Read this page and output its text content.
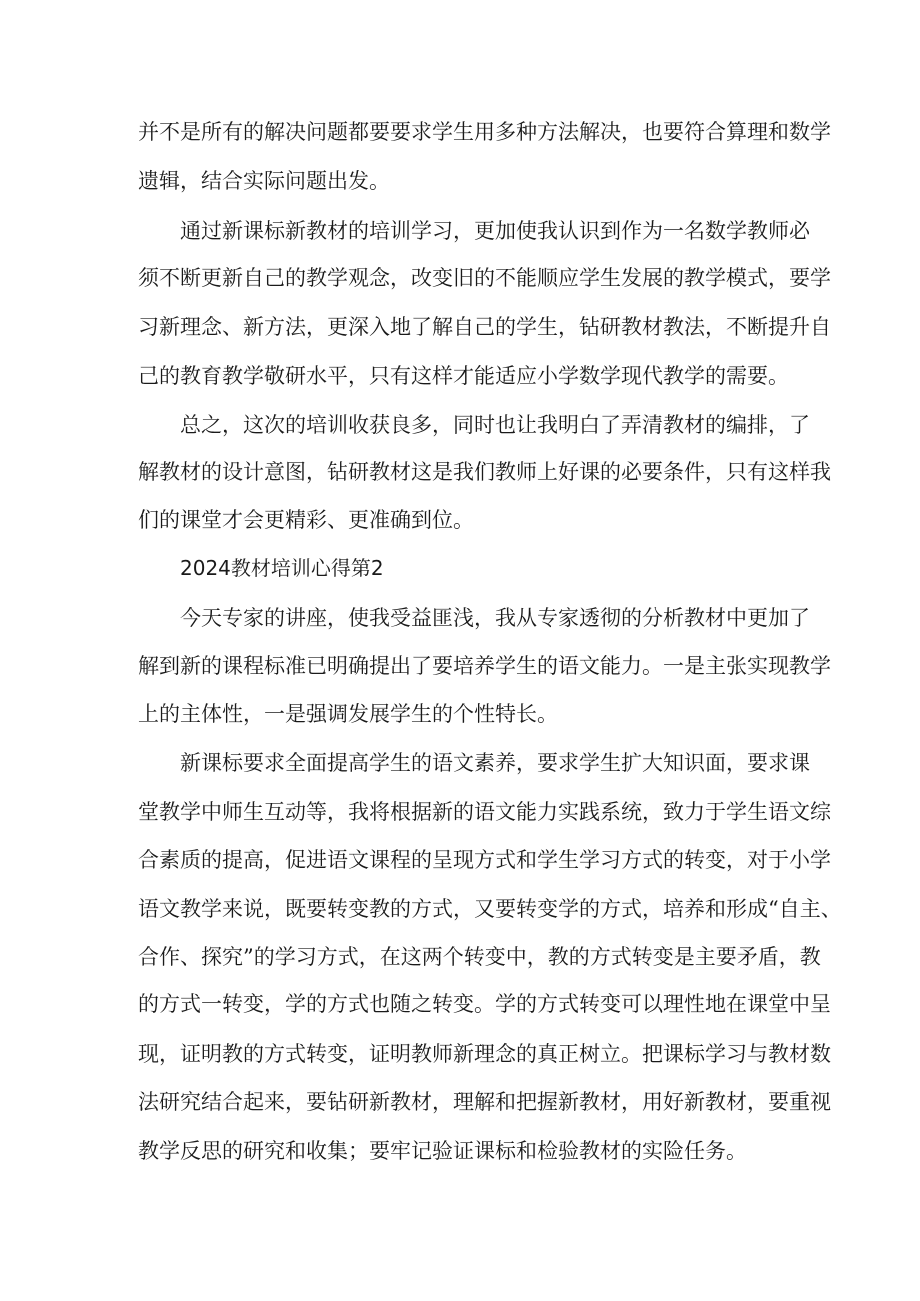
并不是所有的解决问题都要要求学生用多种方法解决，也要符合算理和数学
遗辑，结合实际问题出发。
通过新课标新教材的培训学习，更加使我认识到作为一名数学教师必
须不断更新自己的教学观念，改变旧的不能顺应学生发展的教学模式，要学
习新理念、新方法，更深入地了解自己的学生，钻研教材教法，不断提升自
己的教育教学敬研水平，只有这样才能适应小学数学现代教学的需要。
总之，这次的培训收获良多，同时也让我明白了弄清教材的编排，了
解教材的设计意图，钻研教材这是我们教师上好课的必要条件，只有这样我
们的课堂才会更精彩、更准确到位。
2024教材培训心得第2
今天专家的讲座，使我受益匪浅，我从专家透彻的分析教材中更加了
解到新的课程标准已明确提出了要培养学生的语文能力。一是主张实现教学
上的主体性，一是强调发展学生的个性特长。
新课标要求全面提高学生的语文素养，要求学生扩大知识面，要求课
堂教学中师生互动等，我将根据新的语文能力实践系统，致力于学生语文综
合素质的提高，促进语文课程的呈现方式和学生学习方式的转变，对于小学
语文教学来说，既要转变教的方式，又要转变学的方式，培养和形成“自主、
合作、探究”的学习方式，在这两个转变中，教的方式转变是主要矛盾，教
的方式一转变，学的方式也随之转变。学的方式转变可以理性地在课堂中呈
现，证明教的方式转变，证明教师新理念的真正树立。把课标学习与教材数
法研究结合起来，要钻研新教材，理解和把握新教材，用好新教材，要重视
教学反思的研究和收集；要牢记验证课标和检验教材的实险任务。
